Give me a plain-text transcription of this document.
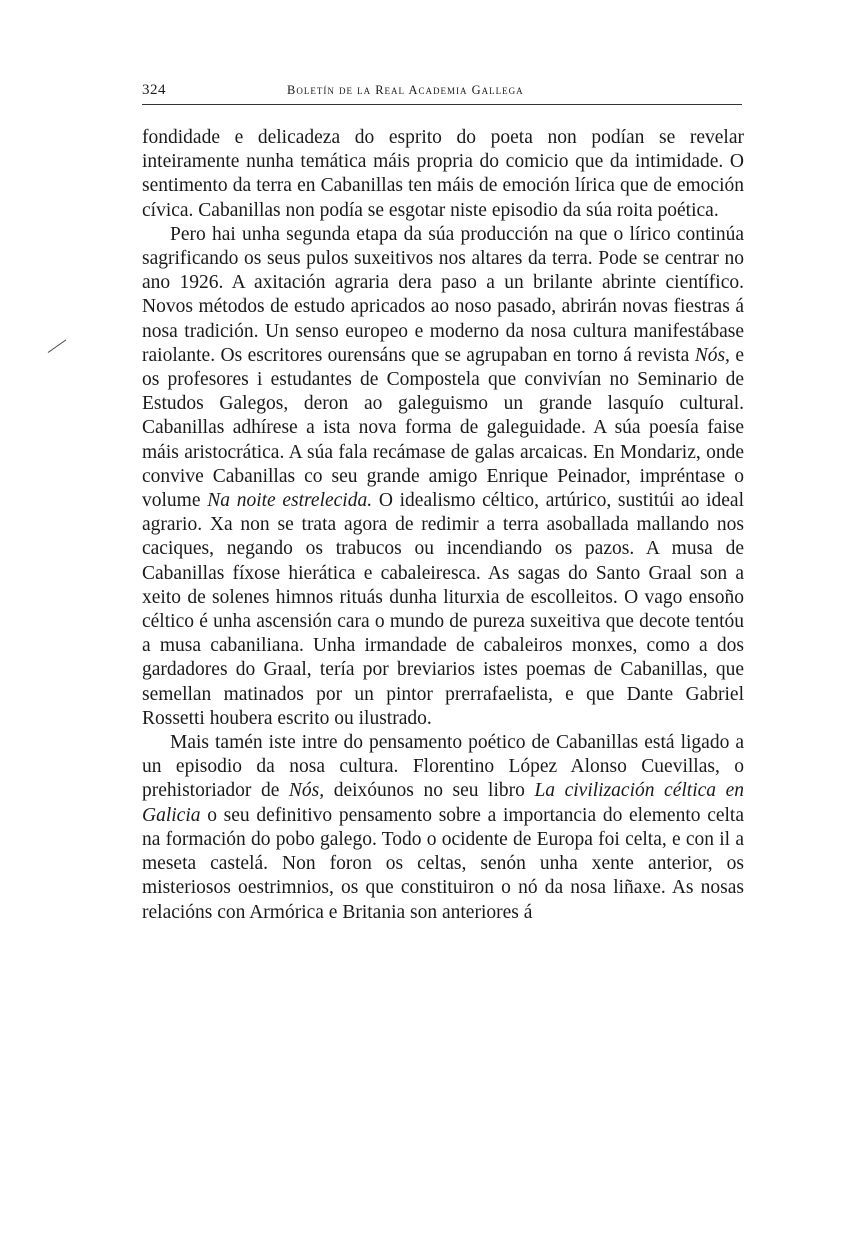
324	Boletín de la Real Academia Gallega

fondidade e delicadeza do esprito do poeta non podían se revelar inteiramente nunha temática máis propria do comicio que da intimidade. O sentimento da terra en Cabanillas ten máis de emoción lírica que de emoción cívica. Cabanillas non podía se esgotar niste episodio da súa roita poética.

Pero hai unha segunda etapa da súa producción na que o lírico continúa sagrificando os seus pulos suxeitivos nos altares da terra. Pode se centrar no ano 1926. A axitación agraria dera paso a un brilante abrinte científico. Novos métodos de estudo apricados ao noso pasado, abrirán novas fiestras á nosa tradición. Un senso europeo e moderno da nosa cultura manifestábase raiolante. Os escritores ourensáns que se agrupaban en torno á revista Nós, e os profesores i estudantes de Compostela que convivían no Seminario de Estudos Galegos, deron ao galeguismo un grande lasquío cultural. Cabanillas adhírese a ista nova forma de galeguidade. A súa poesía faise máis aristocrática. A súa fala recámase de galas arcaicas. En Mondariz, onde convive Cabanillas co seu grande amigo Enrique Peinador, impréntase o volume Na noite estrelecida. O idealismo céltico, artúrico, sustitúi ao ideal agrario. Xa non se trata agora de redimir a terra asoballada mallando nos caciques, negando os trabucos ou incendiando os pazos. A musa de Cabanillas fíxose hierática e cabaleiresca. As sagas do Santo Graal son a xeito de solenes himnos rituás dunha liturxia de escolleitos. O vago ensoño céltico é unha ascensión cara o mundo de pureza suxeitiva que decote tentóu a musa cabaniliana. Unha irmandade de cabaleiros monxes, como a dos gardadores do Graal, tería por breviarios istes poemas de Cabanillas, que semellan matinados por un pintor prerrafaelista, e que Dante Gabriel Rossetti houbera escrito ou ilustrado.

Mais tamén iste intre do pensamento poético de Cabanillas está ligado a un episodio da nosa cultura. Florentino López Alonso Cuevillas, o prehistoriador de Nós, deixóunos no seu libro La civilización céltica en Galicia o seu definitivo pensamento sobre a importancia do elemento celta na formación do pobo galego. Todo o ocidente de Europa foi celta, e con il a meseta castelá. Non foron os celtas, senón unha xente anterior, os misteriosos oestrimnios, os que constituiron o nó da nosa liñaxe. As nosas relacións con Armórica e Britania son anteriores á
